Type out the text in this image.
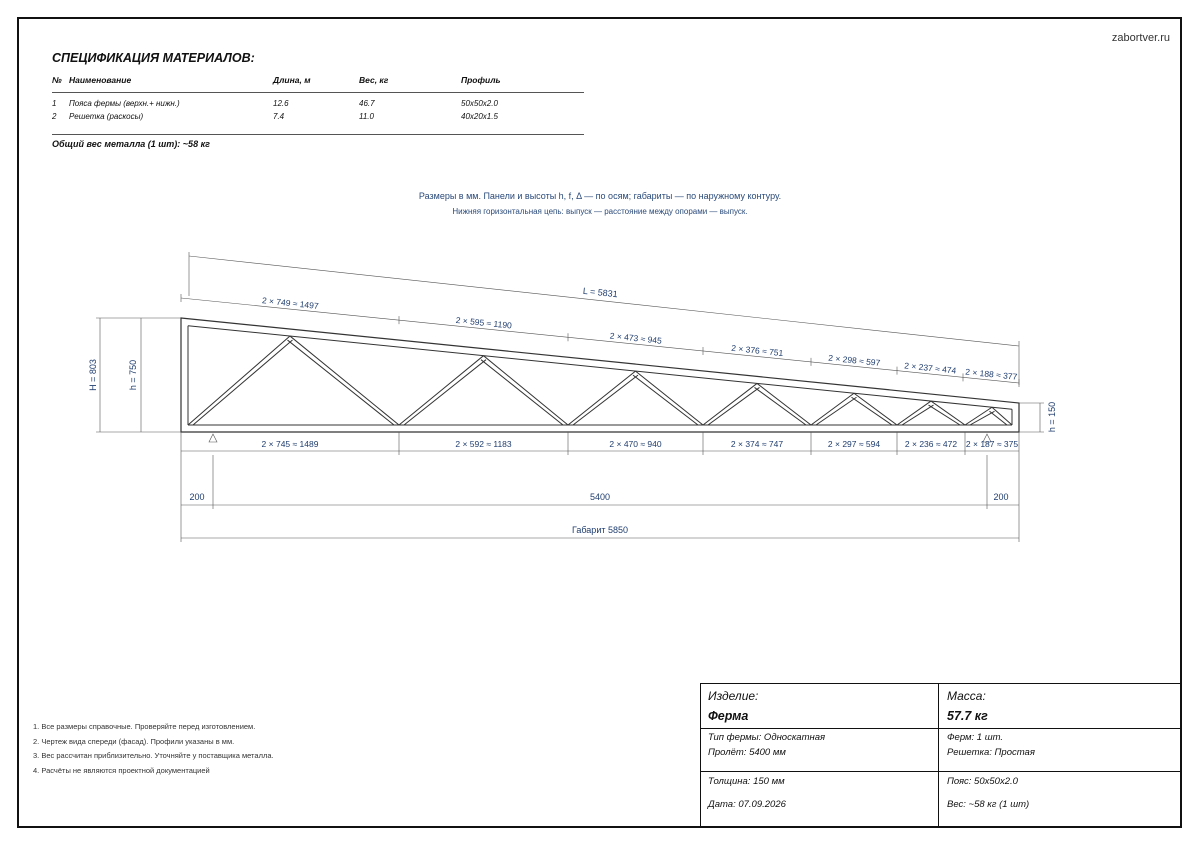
zabortver.ru
СПЕЦИФИКАЦИЯ МАТЕРИАЛОВ:
№ Наименование	Длина, м	Вес, кг	Профиль
1 Пояса фермы (верхн.+ нижн.)	12.6	46.7	50x50x2.0
2 Решетка (раскосы)	7.4	11.0	40x20x1.5
Общий вес металла (1 шт): ~58 кг
Размеры в мм. Панели и высоты h, f, Δ — по осям; габариты — по наружному контуру.
Нижняя горизонтальная цепь: выпуск — расстояние между опорами — выпуск.
L = 5831
2 × 749 ≈ 1497
2 × 595 ≈ 1190
2 × 473 ≈ 945
2 × 376 ≈ 751
2 × 298 ≈ 597
2 × 237 ≈ 474 2 × 188 ≈ 377
h = 750
H = 803
h = 150
2 × 745 ≈ 1489	2 × 592 ≈ 1183	2 × 470 ≈ 940	2 × 374 ≈ 747	2 × 297 ≈ 594	2 × 236 ≈ 472 2 × 187 ≈ 375
200	5400	200
Габарит 5850
1. Все размеры справочные. Проверяйте перед изготовлением.
2. Чертеж вида спереди (фасад). Профили указаны в мм.
3. Вес рассчитан приблизительно. Уточняйте у поставщика металла.
4. Расчёты не являются проектной документацией
Изделие:
Ферма
Масса:
57.7 кг
Тип фермы: Односкатная
Пролёт: 5400 мм
Ферм: 1 шт.
Решетка: Простая
Толщина: 150 мм
Дата: 07.09.2026
Пояс: 50x50x2.0
Вес: ~58 кг (1 шт)
